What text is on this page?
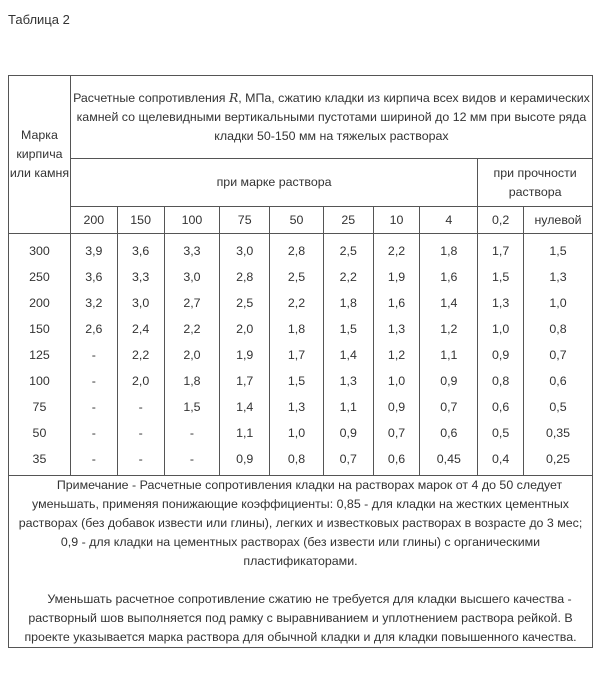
Таблица 2
Марка кирпича или камня	Расчетные сопротивления R, МПа, сжатию кладки из кирпича всех видов и керамических камней со щелевидными вертикальными пустотами шириной до 12 мм при высоте ряда кладки 50-150 мм на тяжелых растворах									
	при марке раствора								при прочности раствора	
	200	150	100	75	50	25	10	4	0,2	нулевой
300	3,9	3,6	3,3	3,0	2,8	2,5	2,2	1,8	1,7	1,5
250	3,6	3,3	3,0	2,8	2,5	2,2	1,9	1,6	1,5	1,3
200	3,2	3,0	2,7	2,5	2,2	1,8	1,6	1,4	1,3	1,0
150	2,6	2,4	2,2	2,0	1,8	1,5	1,3	1,2	1,0	0,8
125	-	2,2	2,0	1,9	1,7	1,4	1,2	1,1	0,9	0,7
100	-	2,0	1,8	1,7	1,5	1,3	1,0	0,9	0,8	0,6
75	-	-	1,5	1,4	1,3	1,1	0,9	0,7	0,6	0,5
50	-	-	-	1,1	1,0	0,9	0,7	0,6	0,5	0,35
35	-	-	-	0,9	0,8	0,7	0,6	0,45	0,4	0,25

Примечание - Расчетные сопротивления кладки на растворах марок от 4 до 50 следует уменьшать, применяя понижающие коэффициенты: 0,85 - для кладки на жестких цементных растворах (без добавок извести или глины), легких и известковых растворах в возрасте до 3 мес; 0,9 - для кладки на цементных растворах (без извести или глины) с органическими пластификаторами.

Уменьшать расчетное сопротивление сжатию не требуется для кладки высшего качества - растворный шов выполняется под рамку с выравниванием и уплотнением раствора рейкой. В проекте указывается марка раствора для обычной кладки и для кладки повышенного качества.										
